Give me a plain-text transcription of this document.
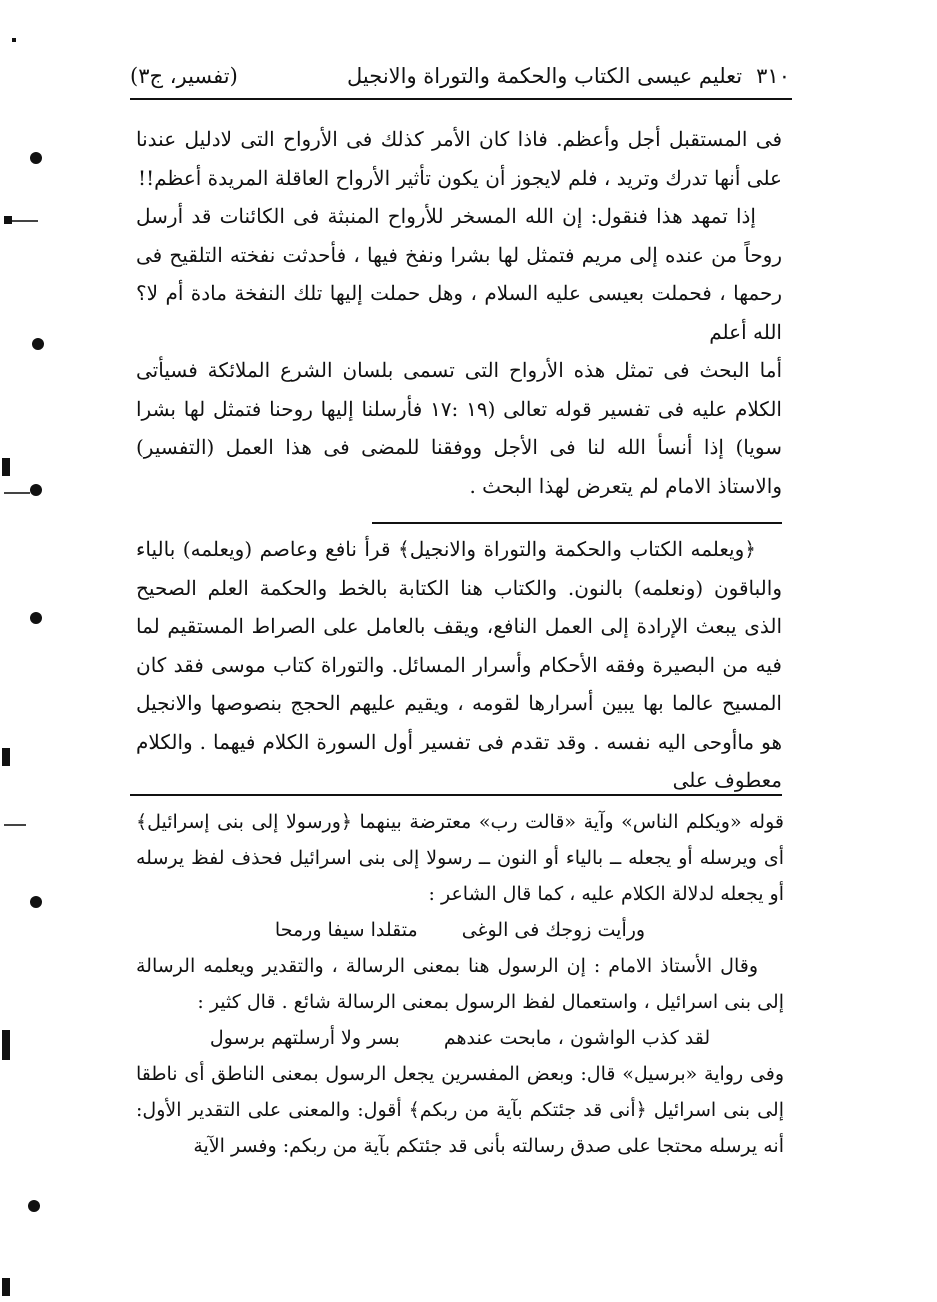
٣١٠
تعليم عيسى الكتاب والحكمة والتوراة والانجيل
(تفسير، ج٣)

فى المستقبل أجل وأعظم. فاذا كان الأمر كذلك فى الأرواح التى لادليل عندنا على أنها تدرك وتريد ، فلم لايجوز أن يكون تأثير الأرواح العاقلة المريدة أعظم!!

إذا تمهد هذا فنقول: إن الله المسخر للأرواح المنبثة فى الكائنات قد أرسل روحاً من عنده إلى مريم فتمثل لها بشرا ونفخ فيها ، فأحدثت نفخته التلقيح فى رحمها ، فحملت بعيسى عليه السلام ، وهل حملت إليها تلك النفخة مادة أم لا؟ الله أعلم

أما البحث فى تمثل هذه الأرواح التى تسمى بلسان الشرع الملائكة فسيأتى الكلام عليه فى تفسير قوله تعالى (١٩ :١٧ فأرسلنا إليها روحنا فتمثل لها بشرا سويا) إذا أنسأ الله لنا فى الأجل ووفقنا للمضى فى هذا العمل (التفسير) والاستاذ الامام لم يتعرض لهذا البحث .

﴿ويعلمه الكتاب والحكمة والتوراة والانجيل﴾ قرأ نافع وعاصم (ويعلمه) بالياء والباقون (ونعلمه) بالنون. والكتاب هنا الكتابة بالخط والحكمة العلم الصحيح الذى يبعث الإرادة إلى العمل النافع، ويقف بالعامل على الصراط المستقيم لما فيه من البصيرة وفقه الأحكام وأسرار المسائل. والتوراة كتاب موسى فقد كان المسيح عالما بها يبين أسرارها لقومه ، ويقيم عليهم الحجج بنصوصها والانجيل هو ماأوحى اليه نفسه . وقد تقدم فى تفسير أول السورة الكلام فيهما . والكلام معطوف على

قوله «ويكلم الناس» وآية «قالت رب» معترضة بينهما ﴿ورسولا إلى بنى إسرائيل﴾ أى ويرسله أو يجعله ــ بالياء أو النون ــ رسولا إلى بنى اسرائيل فحذف لفظ يرسله أو يجعله لدلالة الكلام عليه ، كما قال الشاعر :

ورأيت زوجك فى الوغى
متقلدا سيفا ورمحا

وقال الأستاذ الامام : إن الرسول هنا بمعنى الرسالة ، والتقدير ويعلمه الرسالة إلى بنى اسرائيل ، واستعمال لفظ الرسول بمعنى الرسالة شائع . قال كثير :

لقد كذب الواشون ، مابحت عندهم
بسر ولا أرسلتهم برسول

وفى رواية «برسيل» قال: وبعض المفسرين يجعل الرسول بمعنى الناطق أى ناطقا إلى بنى اسرائيل ﴿أنى قد جئتكم بآية من ربكم﴾ أقول: والمعنى على التقدير الأول: أنه يرسله محتجا على صدق رسالته بأنى قد جئتكم بآية من ربكم: وفسر الآية
